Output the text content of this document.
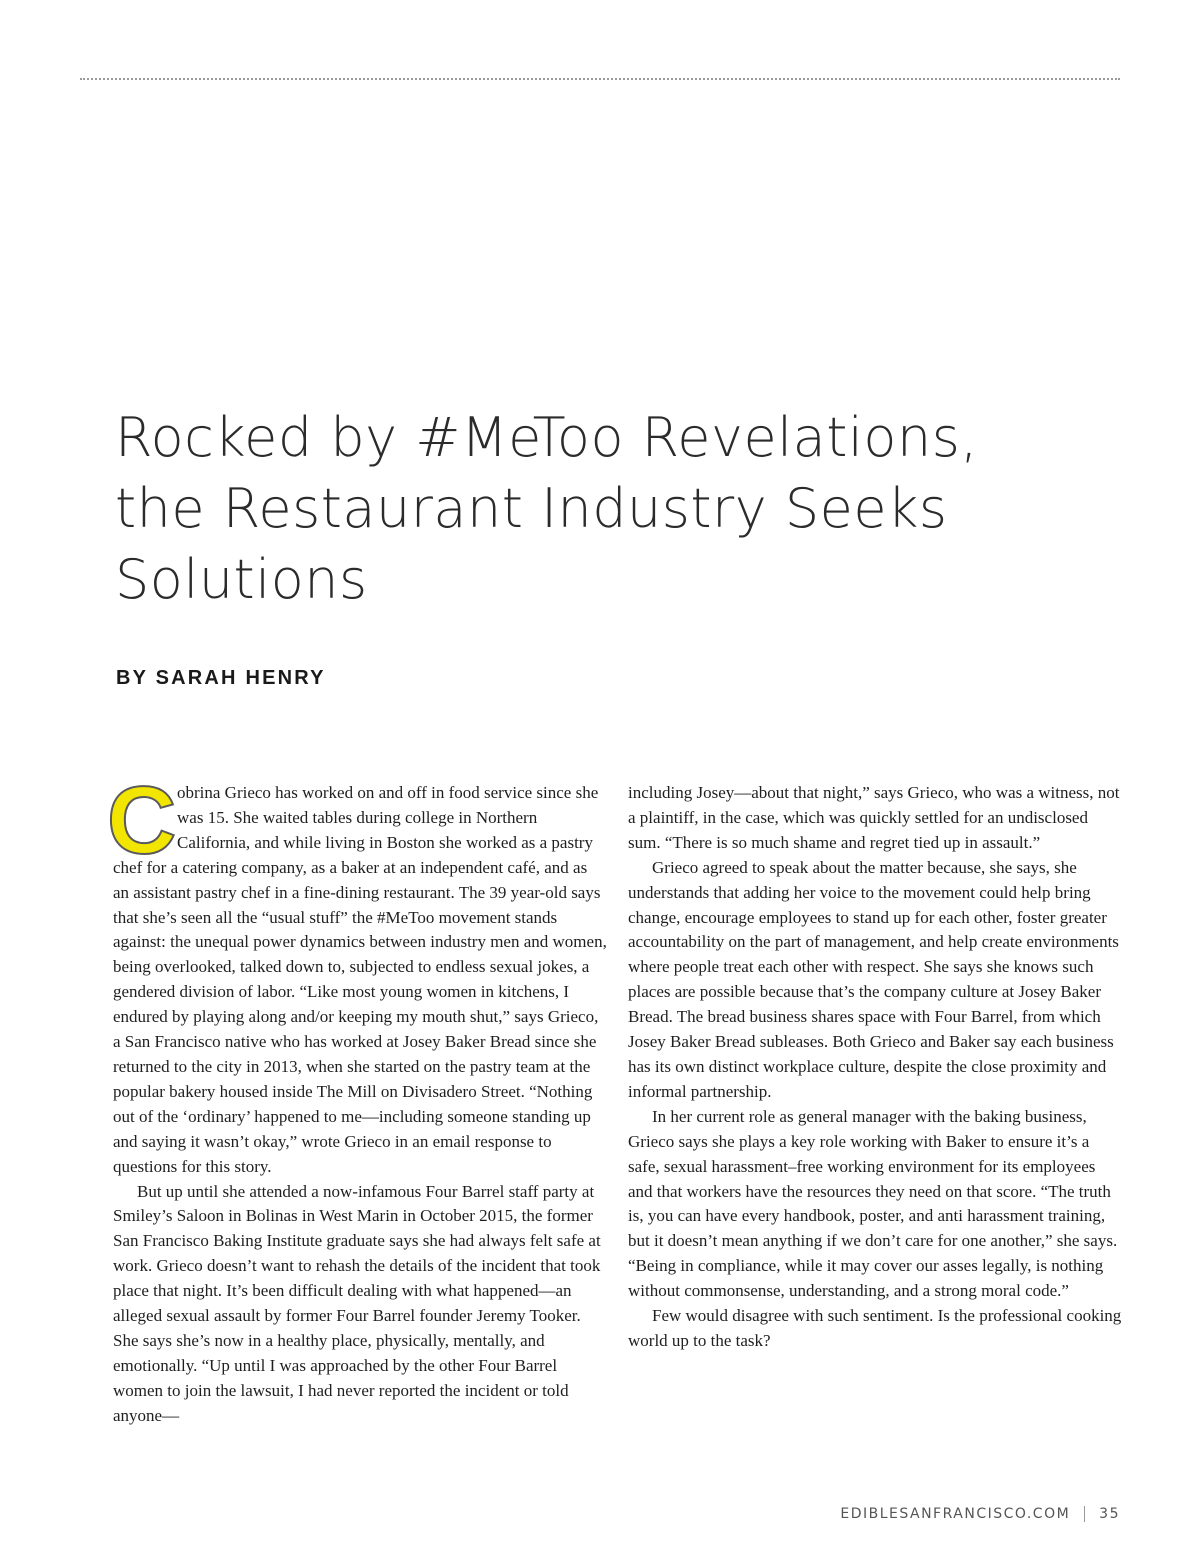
Rocked by #MeToo Revelations, the Restaurant Industry Seeks Solutions
BY SARAH HENRY

C obrina Grieco has worked on and off in food service since she was 15. She waited tables during college in Northern California, and while living in Boston she worked as a pastry chef for a catering company, as a baker at an independent café, and as an assistant pastry chef in a fine-dining restaurant. The 39 year-old says that she’s seen all the “usual stuff” the #MeToo movement stands against: the unequal power dynamics between industry men and women, being overlooked, talked down to, subjected to endless sexual jokes, a gendered division of labor. “Like most young women in kitchens, I endured by playing along and/or keeping my mouth shut,” says Grieco, a San Francisco native who has worked at Josey Baker Bread since she returned to the city in 2013, when she started on the pastry team at the popular bakery housed inside The Mill on Divisadero Street. “Nothing out of the ‘ordinary’ happened to me—including someone standing up and saying it wasn’t okay,” wrote Grieco in an email response to questions for this story.

But up until she attended a now-infamous Four Barrel staff party at Smiley’s Saloon in Bolinas in West Marin in October 2015, the former San Francisco Baking Institute graduate says she had always felt safe at work. Grieco doesn’t want to rehash the details of the incident that took place that night. It’s been difficult dealing with what happened—an alleged sexual assault by former Four Barrel founder Jeremy Tooker. She says she’s now in a healthy place, physically, mentally, and emotionally. “Up until I was approached by the other Four Barrel women to join the lawsuit, I had never reported the incident or told anyone—

including Josey—about that night,” says Grieco, who was a witness, not a plaintiff, in the case, which was quickly settled for an undisclosed sum. “There is so much shame and regret tied up in assault.”

Grieco agreed to speak about the matter because, she says, she understands that adding her voice to the movement could help bring change, encourage employees to stand up for each other, foster greater accountability on the part of management, and help create environments where people treat each other with respect. She says she knows such places are possible because that’s the company culture at Josey Baker Bread. The bread business shares space with Four Barrel, from which Josey Baker Bread subleases. Both Grieco and Baker say each business has its own distinct workplace culture, despite the close proximity and informal partnership.

In her current role as general manager with the baking business, Grieco says she plays a key role working with Baker to ensure it’s a safe, sexual harassment–free working environment for its employees and that workers have the resources they need on that score. “The truth is, you can have every handbook, poster, and anti harassment training, but it doesn’t mean anything if we don’t care for one another,” she says. “Being in compliance, while it may cover our asses legally, is nothing without commonsense, understanding, and a strong moral code.”

Few would disagree with such sentiment. Is the professional cooking world up to the task?

EDIBLESANFRANCISCO.COM 35
